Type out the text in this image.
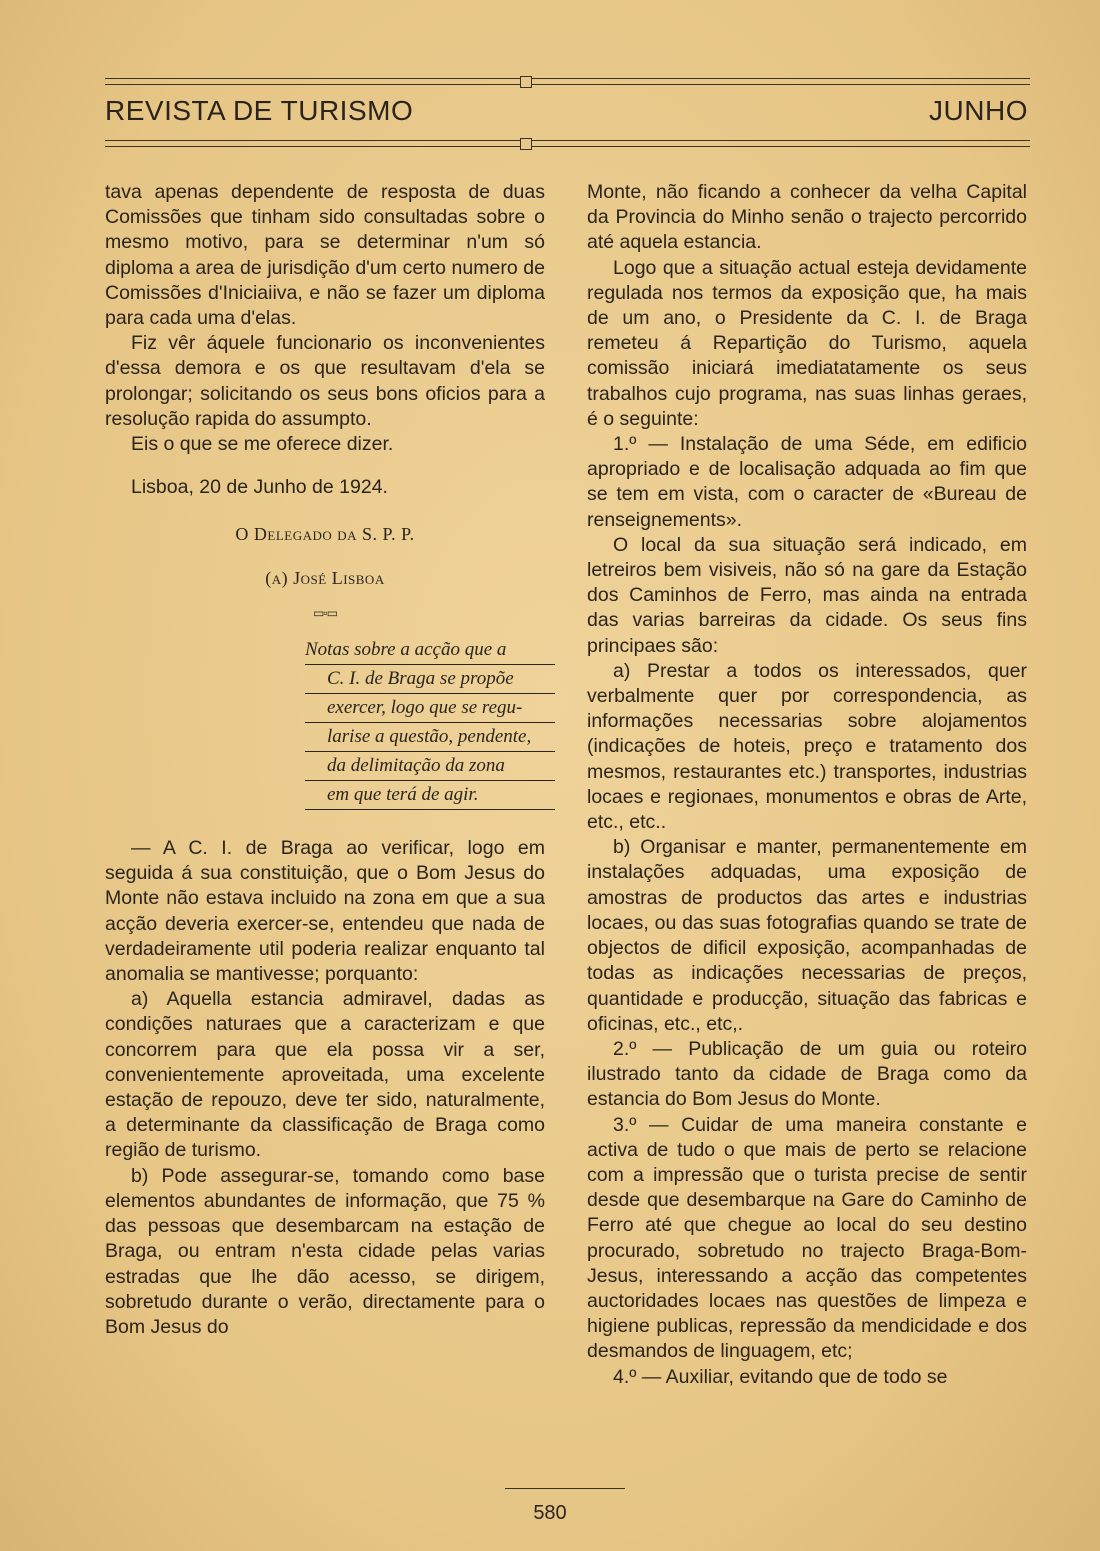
REVISTA DE TURISMO	JUNHO

tava apenas dependente de resposta de duas Comissões que tinham sido consultadas sobre o mesmo motivo, para se determinar n'um só diploma a area de jurisdição d'um certo numero de Comissões d'Iniciaiiva, e não se fazer um diploma para cada uma d'elas.

Fiz vêr áquele funcionario os inconvenientes d'essa demora e os que resultavam d'ela se prolongar; solicitando os seus bons oficios para a resolução rapida do assumpto.

Eis o que se me oferece dizer.

Lisboa, 20 de Junho de 1924.

O Delegado da S. P. P.

(a) José Lisboa

▭▫▭
Notas sobre a acção que a
C. I. de Braga se propõe
exercer, logo que se regu-
larise a questão, pendente,
da delimitação da zona
em que terá de agir.

— A C. I. de Braga ao verificar, logo em seguida á sua constituição, que o Bom Jesus do Monte não estava incluido na zona em que a sua acção deveria exercer-se, entendeu que nada de verdadeiramente util poderia realizar enquanto tal anomalia se mantivesse; porquanto:

a) Aquella estancia admiravel, dadas as condições naturaes que a caracterizam e que concorrem para que ela possa vir a ser, convenientemente aproveitada, uma excelente estação de repouzo, deve ter sido, naturalmente, a determinante da classificação de Braga como região de turismo.

b) Pode assegurar-se, tomando como base elementos abundantes de informação, que 75 % das pessoas que desembarcam na estação de Braga, ou entram n'esta cidade pelas varias estradas que lhe dão acesso, se dirigem, sobretudo durante o verão, directamente para o Bom Jesus do

Monte, não ficando a conhecer da velha Capital da Provincia do Minho senão o trajecto percorrido até aquela estancia.

Logo que a situação actual esteja devidamente regulada nos termos da exposição que, ha mais de um ano, o Presidente da C. I. de Braga remeteu á Repartição do Turismo, aquela comissão iniciará imediatatamente os seus trabalhos cujo programa, nas suas linhas geraes, é o seguinte:

1.º — Instalação de uma Séde, em edificio apropriado e de localisação adquada ao fim que se tem em vista, com o caracter de «Bureau de renseignements».

O local da sua situação será indicado, em letreiros bem visiveis, não só na gare da Estação dos Caminhos de Ferro, mas ainda na entrada das varias barreiras da cidade. Os seus fins principaes são:

a) Prestar a todos os interessados, quer verbalmente quer por correspondencia, as informações necessarias sobre alojamentos (indicações de hoteis, preço e tratamento dos mesmos, restaurantes etc.) transportes, industrias locaes e regionaes, monumentos e obras de Arte, etc., etc..

b) Organisar e manter, permanentemente em instalações adquadas, uma exposição de amostras de productos das artes e industrias locaes, ou das suas fotografias quando se trate de objectos de dificil exposição, acompanhadas de todas as indicações necessarias de preços, quantidade e producção, situação das fabricas e oficinas, etc., etc,.

2.º — Publicação de um guia ou roteiro ilustrado tanto da cidade de Braga como da estancia do Bom Jesus do Monte.

3.º — Cuidar de uma maneira constante e activa de tudo o que mais de perto se relacione com a impressão que o turista precise de sentir desde que desembarque na Gare do Caminho de Ferro até que chegue ao local do seu destino procurado, sobretudo no trajecto Braga-Bom-Jesus, interessando a acção das competentes auctoridades locaes nas questões de limpeza e higiene publicas, repressão da mendicidade e dos desmandos de linguagem, etc;

4.º — Auxiliar, evitando que de todo se

580
